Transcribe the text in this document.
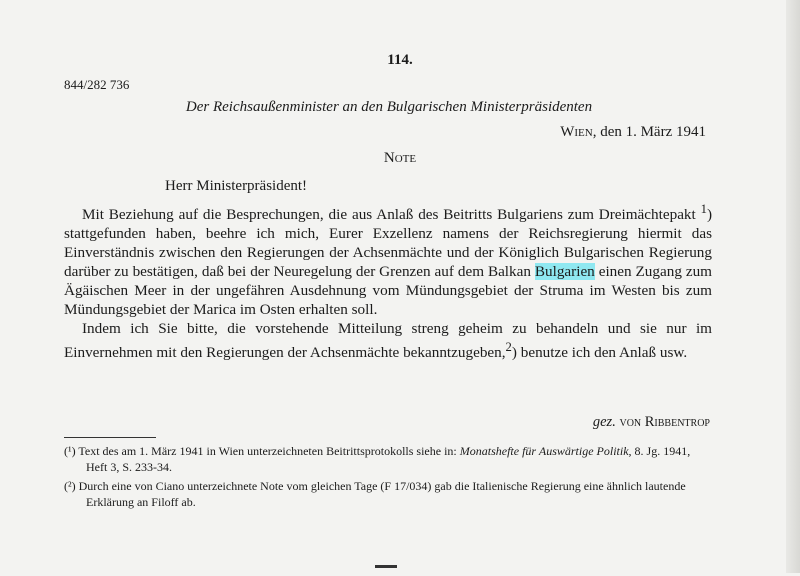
114.
844/282 736
Der Reichsaußenminister an den Bulgarischen Ministerpräsidenten
Wien, den 1. März 1941
Note
Herr Ministerpräsident!

Mit Beziehung auf die Besprechungen, die aus Anlaß des Beitritts Bulgariens zum Dreimächtepakt $^1$) stattgefunden haben, beehre ich mich, Eurer Exzellenz namens der Reichsregierung hiermit das Einverständnis zwischen den Regierungen der Achsenmächte und der Königlich Bulgarischen Regierung darüber zu bestätigen, daß bei der Neuregelung der Grenzen auf dem Balkan Bulgarien einen Zugang zum Ägäischen Meer in der ungefähren Ausdehnung vom Mündungsgebiet der Struma im Westen bis zum Mündungsgebiet der Marica im Osten erhalten soll.

Indem ich Sie bitte, die vorstehende Mitteilung streng geheim zu behandeln und sie nur im Einvernehmen mit den Regierungen der Achsenmächte bekanntzugeben,$^2$) benutze ich den Anlaß usw.

gez. von Ribbentrop

(¹) Text des am 1. März 1941 in Wien unterzeichneten Beitrittsprotokolls siehe in: Monatshefte für Auswärtige Politik, 8. Jg. 1941, Heft 3, S. 233-34.

(²) Durch eine von Ciano unterzeichnete Note vom gleichen Tage (F 17/034) gab die Italienische Regierung eine ähnlich lautende Erklärung an Filoff ab.
